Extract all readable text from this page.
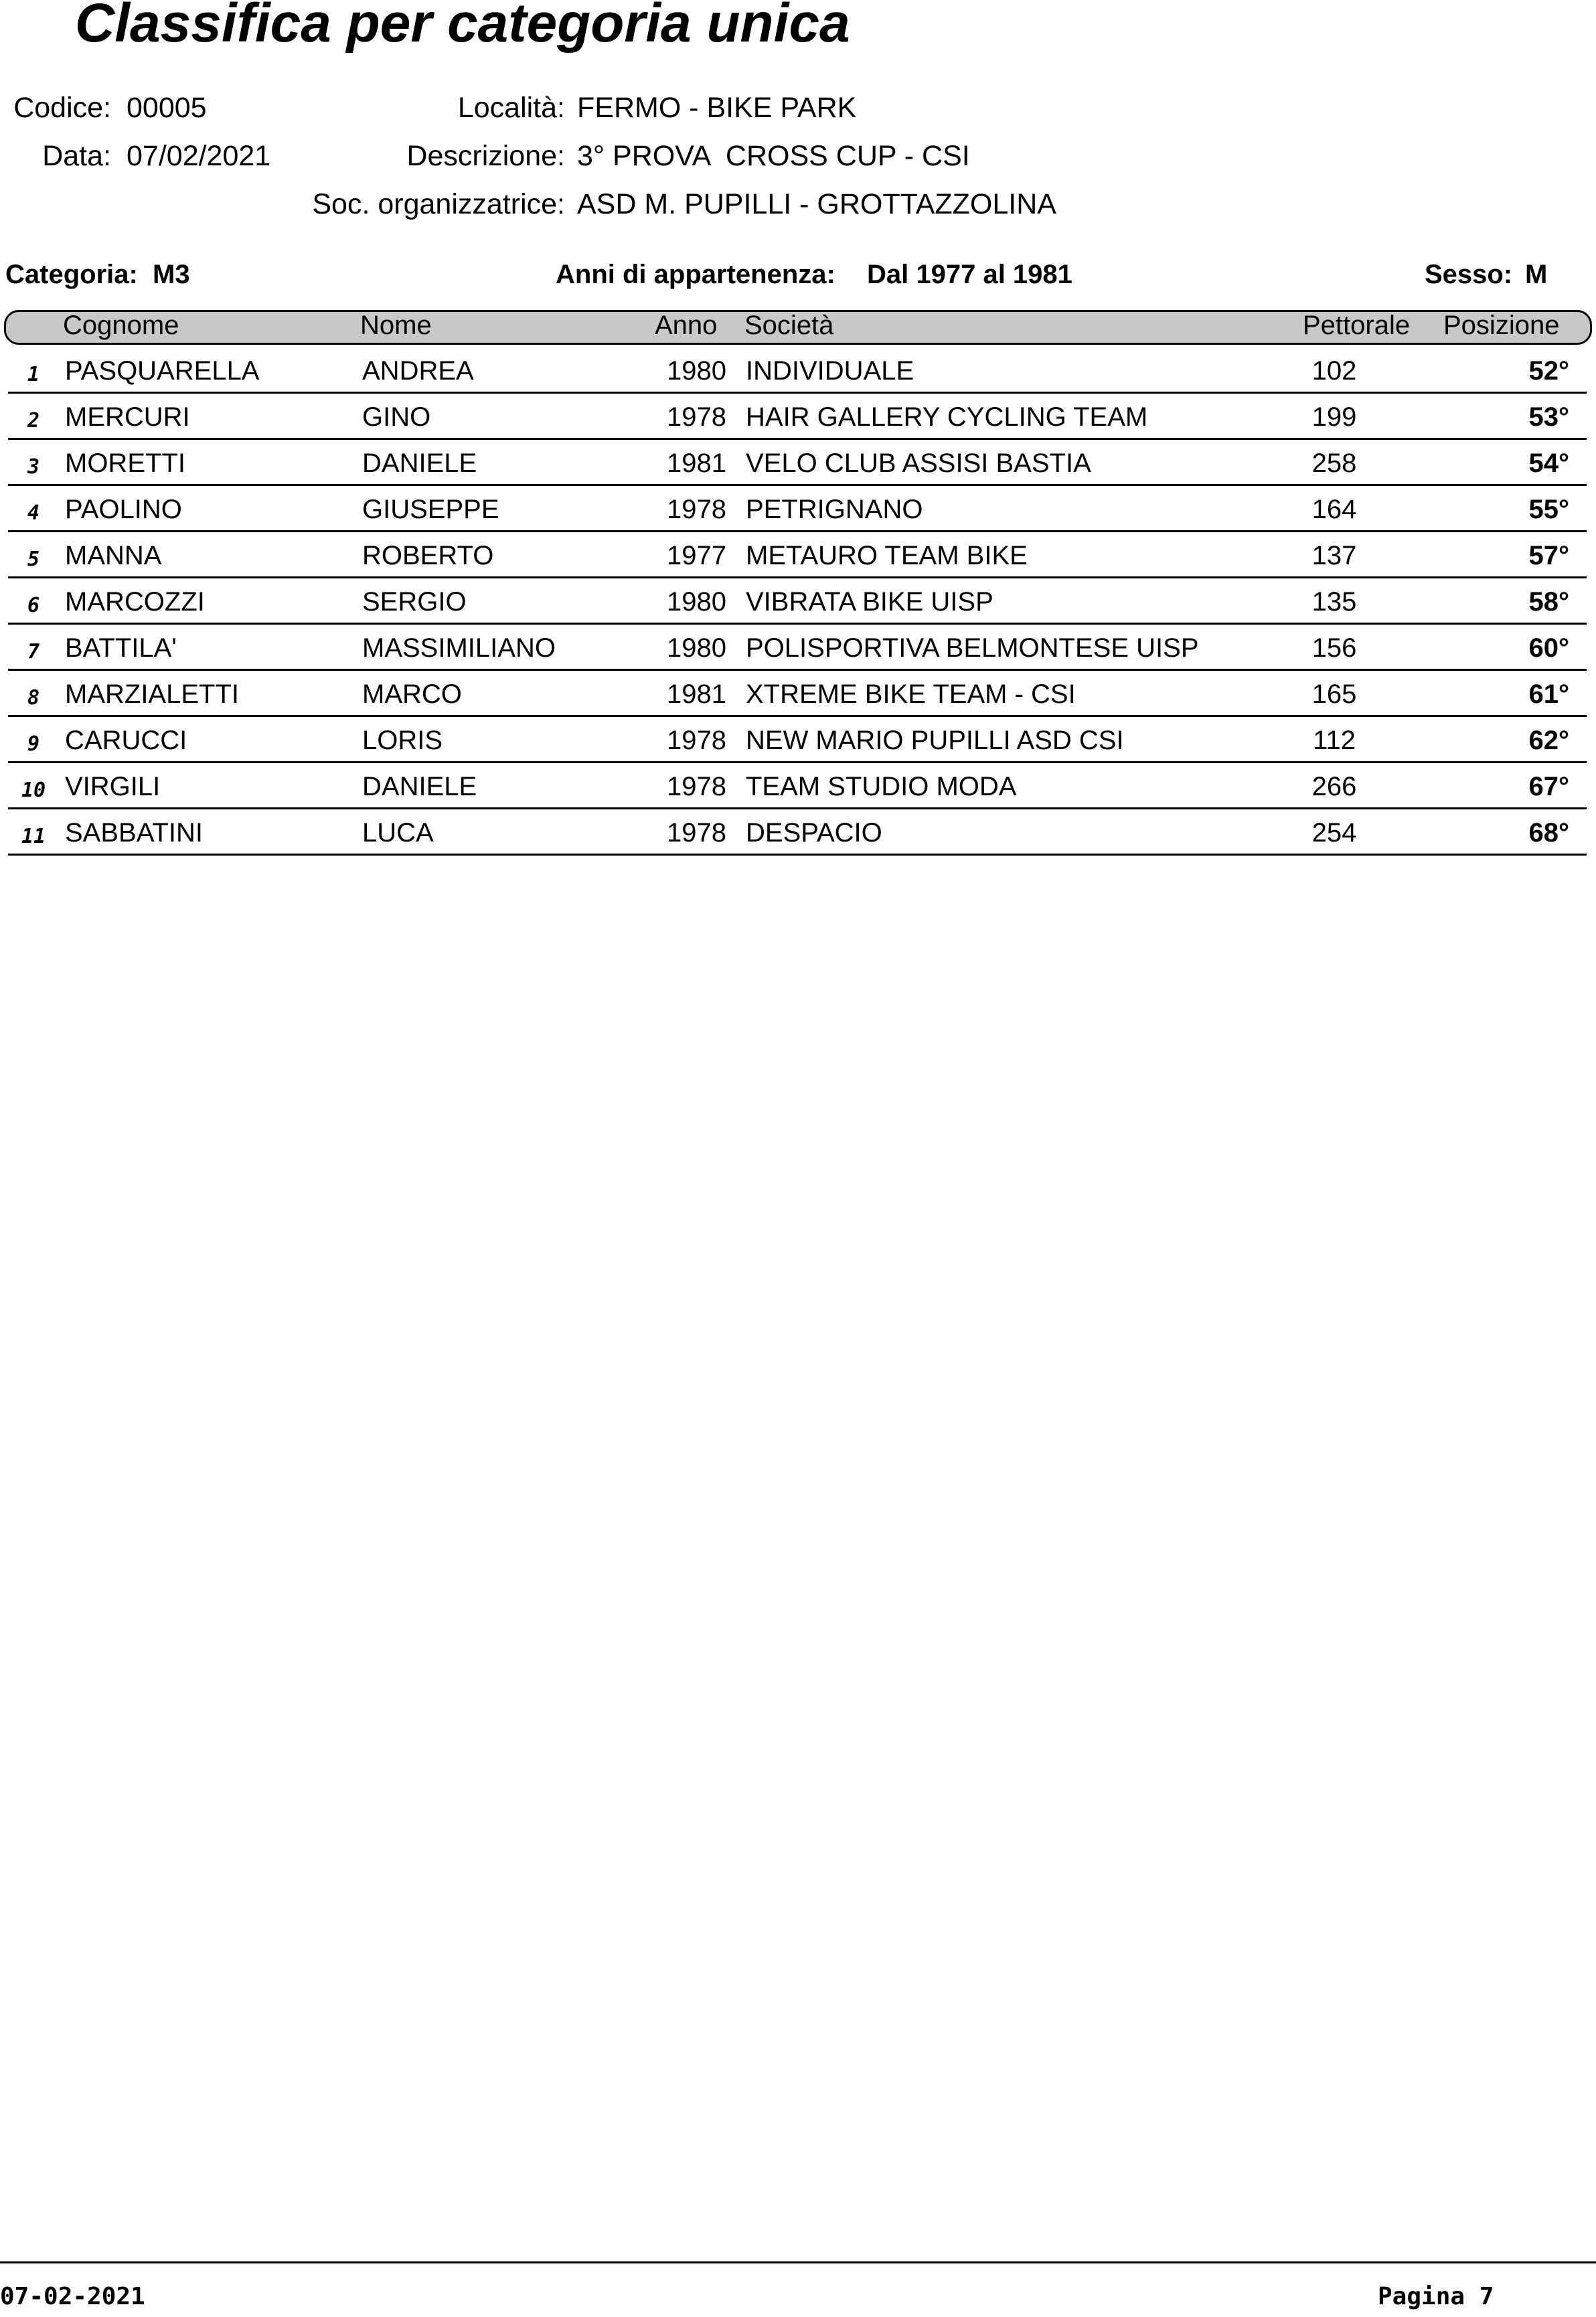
Classifica per categoria unica
Codice: 00005
Data: 07/02/2021
Località: FERMO - BIKE PARK
Descrizione: 3° PROVA  CROSS CUP - CSI
Soc. organizzatrice: ASD M. PUPILLI - GROTTAZZOLINA
Categoria: M3	Anni di appartenenza: Dal 1977 al 1981	Sesso: M
Cognome	Nome	Anno Società	Pettorale Posizione
1 PASQUARELLA	ANDREA	1980 INDIVIDUALE	102	52°
2 MERCURI	GINO	1978 HAIR GALLERY CYCLING TEAM	199	53°
3 MORETTI	DANIELE	1981 VELO CLUB ASSISI BASTIA	258	54°
4 PAOLINO	GIUSEPPE	1978 PETRIGNANO	164	55°
5 MANNA	ROBERTO	1977 METAURO TEAM BIKE	137	57°
6 MARCOZZI	SERGIO	1980 VIBRATA BIKE UISP	135	58°
7 BATTILA'	MASSIMILIANO	1980 POLISPORTIVA BELMONTESE UISP	156	60°
8 MARZIALETTI	MARCO	1981 XTREME BIKE TEAM - CSI	165	61°
9 CARUCCI	LORIS	1978 NEW MARIO PUPILLI ASD CSI	112	62°
10 VIRGILI	DANIELE	1978 TEAM STUDIO MODA	266	67°
11 SABBATINI	LUCA	1978 DESPACIO	254	68°
07-02-2021	Pagina 7
